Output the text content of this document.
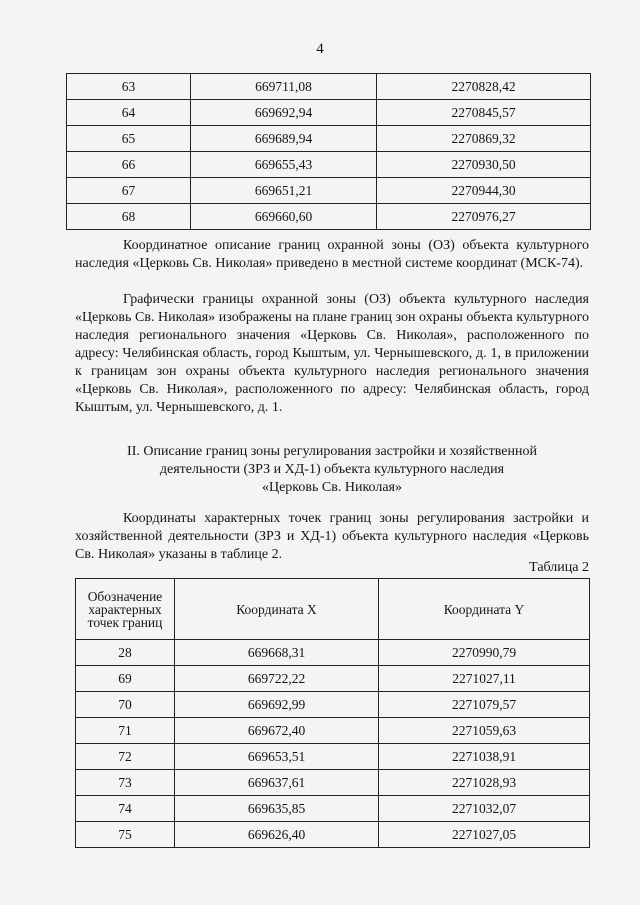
4
63	669711,08	2270828,42
64	669692,94	2270845,57
65	669689,94	2270869,32
66	669655,43	2270930,50
67	669651,21	2270944,30
68	669660,60	2270976,27
Координатное описание границ охранной зоны (ОЗ) объекта культурного наследия «Церковь Св. Николая» приведено в местной системе координат (МСК-74).
Графически границы охранной зоны (ОЗ) объекта культурного наследия «Церковь Св. Николая» изображены на плане границ зон охраны объекта культурного наследия регионального значения «Церковь Св. Николая», расположенного по адресу: Челябинская область, город Кыштым, ул. Чернышевского, д. 1, в приложении к границам зон охраны объекта культурного наследия регионального значения «Церковь Св. Николая», расположенного по адресу: Челябинская область, город Кыштым, ул. Чернышевского, д. 1.
II. Описание границ зоны регулирования застройки и хозяйственной
деятельности (ЗРЗ и ХД-1) объекта культурного наследия
«Церковь Св. Николая»
Координаты характерных точек границ зоны регулирования застройки и хозяйственной деятельности (ЗРЗ и ХД-1) объекта культурного наследия «Церковь Св. Николая» указаны в таблице 2.
Таблица 2
Обозначение характерных точек границ	Координата X	Координата Y
28	669668,31	2270990,79
69	669722,22	2271027,11
70	669692,99	2271079,57
71	669672,40	2271059,63
72	669653,51	2271038,91
73	669637,61	2271028,93
74	669635,85	2271032,07
75	669626,40	2271027,05
